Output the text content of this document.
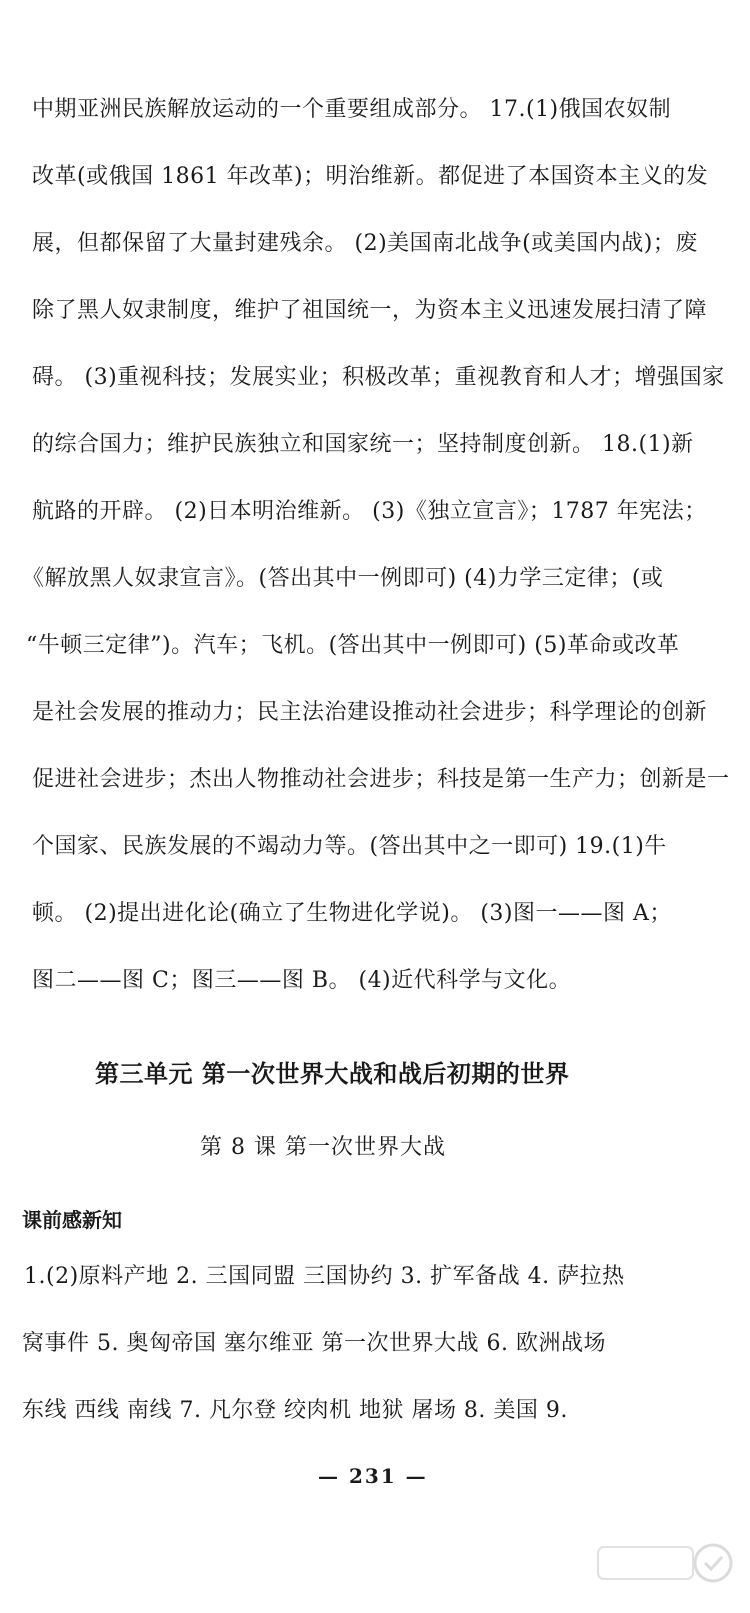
中期亚洲民族解放运动的一个重要组成部分。 17.(1)俄国农奴制
改革(或俄国 1861 年改革)；明治维新。都促进了本国资本主义的发
展，但都保留了大量封建残余。 (2)美国南北战争(或美国内战)；废
除了黑人奴隶制度，维护了祖国统一，为资本主义迅速发展扫清了障
碍。 (3)重视科技；发展实业；积极改革；重视教育和人才；增强国家
的综合国力；维护民族独立和国家统一；坚持制度创新。 18.(1)新
航路的开辟。 (2)日本明治维新。 (3)《独立宣言》；1787 年宪法；
《解放黑人奴隶宣言》。(答出其中一例即可) (4)力学三定律；(或
“牛顿三定律”)。汽车；飞机。(答出其中一例即可) (5)革命或改革
是社会发展的推动力；民主法治建设推动社会进步；科学理论的创新
促进社会进步；杰出人物推动社会进步；科技是第一生产力；创新是一
个国家、民族发展的不竭动力等。(答出其中之一即可) 19.(1)牛
顿。 (2)提出进化论(确立了生物进化学说)。 (3)图一——图 A；
图二——图 C；图三——图 B。 (4)近代科学与文化。
第三单元 第一次世界大战和战后初期的世界
第 8 课 第一次世界大战
课前感新知
1.(2)原料产地 2. 三国同盟 三国协约 3. 扩军备战 4. 萨拉热
窝事件 5. 奥匈帝国 塞尔维亚 第一次世界大战 6. 欧洲战场
东线 西线 南线 7. 凡尔登 绞肉机 地狱 屠场 8. 美国 9.
— 231 —
